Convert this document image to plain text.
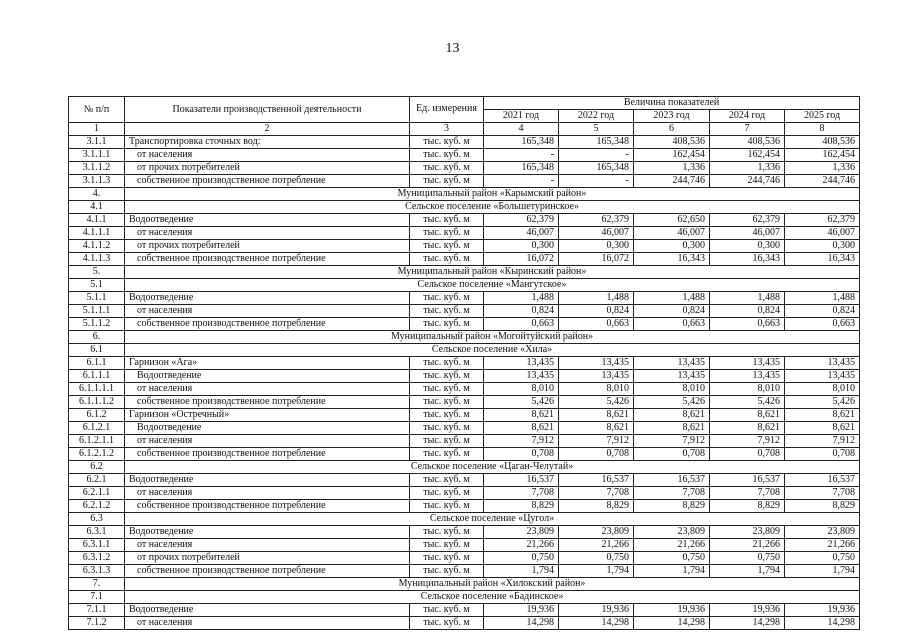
13
№ п/п	Показатели производственной деятельности	Ед. измерения	Величина показателей				
			2021 год	2022 год	2023 год	2024 год	2025 год
1	2	3	4	5	6	7	8
3.1.1	Транспортировка сточных вод:	тыс. куб. м	165,348	165,348	408,536	408,536	408,536
3.1.1.1	от населения	тыс. куб. м	-	-	162,454	162,454	162,454
3.1.1.2	от прочих потребителей	тыс. куб. м	165,348	165,348	1,336	1,336	1,336
3.1.1.3	собственное производственное потребление	тыс. куб. м	-	-	244,746	244,746	244,746
4.	Муниципальный район «Карымский район»						
4.1	Сельское поселение «Большетуринское»						
4.1.1	Водоотведение	тыс. куб. м	62,379	62,379	62,650	62,379	62,379
4.1.1.1	от населения	тыс. куб. м	46,007	46,007	46,007	46,007	46,007
4.1.1.2	от прочих потребителей	тыс. куб. м	0,300	0,300	0,300	0,300	0,300
4.1.1.3	собственное производственное потребление	тыс. куб. м	16,072	16,072	16,343	16,343	16,343
5.	Муниципальный район «Кыринский район»						
5.1	Сельское поселение «Мангутское»						
5.1.1	Водоотведение	тыс. куб. м	1,488	1,488	1,488	1,488	1,488
5.1.1.1	от населения	тыс. куб. м	0,824	0,824	0,824	0,824	0,824
5.1.1.2	собственное производственное потребление	тыс. куб. м	0,663	0,663	0,663	0,663	0,663
6.	Муниципальный район «Могойтуйский район»						
6.1	Сельское поселение «Хила»						
6.1.1	Гарнизон «Ага»	тыс. куб. м	13,435	13,435	13,435	13,435	13,435
6.1.1.1	Водоотведение	тыс. куб. м	13,435	13,435	13,435	13,435	13,435
6.1.1.1.1	от населения	тыс. куб. м	8,010	8,010	8,010	8,010	8,010
6.1.1.1.2	собственное производственное потребление	тыс. куб. м	5,426	5,426	5,426	5,426	5,426
6.1.2	Гарнизон «Остречный»	тыс. куб. м	8,621	8,621	8,621	8,621	8,621
6.1.2.1	Водоотведение	тыс. куб. м	8,621	8,621	8,621	8,621	8,621
6.1.2.1.1	от населения	тыс. куб. м	7,912	7,912	7,912	7,912	7,912
6.1.2.1.2	собственное производственное потребление	тыс. куб. м	0,708	0,708	0,708	0,708	0,708
6.2	Сельское поселение «Цаган-Челутай»						
6.2.1	Водоотведение	тыс. куб. м	16,537	16,537	16,537	16,537	16,537
6.2.1.1	от населения	тыс. куб. м	7,708	7,708	7,708	7,708	7,708
6.2.1.2	собственное производственное потребление	тыс. куб. м	8,829	8,829	8,829	8,829	8,829
6.3	Сельское поселение «Цугол»						
6.3.1	Водоотведение	тыс. куб. м	23,809	23,809	23,809	23,809	23,809
6.3.1.1	от населения	тыс. куб. м	21,266	21,266	21,266	21,266	21,266
6.3.1.2	от прочих потребителей	тыс. куб. м	0,750	0,750	0,750	0,750	0,750
6.3.1.3	собственное производственное потребление	тыс. куб. м	1,794	1,794	1,794	1,794	1,794
7.	Муниципальный район «Хилокский район»						
7.1	Сельское поселение «Бадинское»						
7.1.1	Водоотведение	тыс. куб. м	19,936	19,936	19,936	19,936	19,936
7.1.2	от населения	тыс. куб. м	14,298	14,298	14,298	14,298	14,298
